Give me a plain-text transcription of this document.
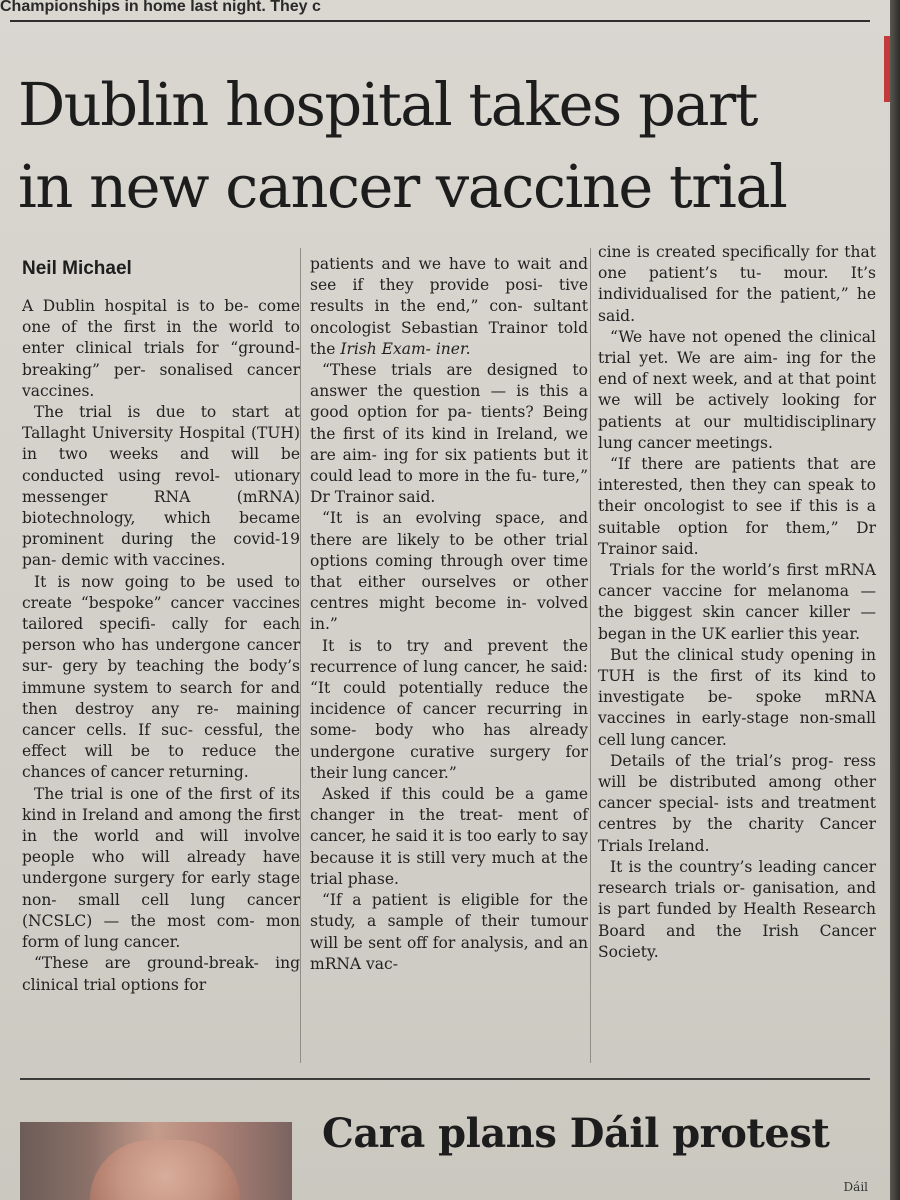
Championships in home last night. They c
Dublin hospital takes part
in new cancer vaccine trial
Neil Michael

A Dublin hospital is to be- come one of the first in the world to enter clinical trials for “ground-breaking” per- sonalised cancer vaccines.

The trial is due to start at Tallaght University Hospital (TUH) in two weeks and will be conducted using revol- utionary messenger RNA (mRNA) biotechnology, which became prominent during the covid-19 pan- demic with vaccines.

It is now going to be used to create “bespoke” cancer vaccines tailored specifi- cally for each person who has undergone cancer sur- gery by teaching the body’s immune system to search for and then destroy any re- maining cancer cells. If suc- cessful, the effect will be to reduce the chances of cancer returning.

The trial is one of the first of its kind in Ireland and among the first in the world and will involve people who will already have undergone surgery for early stage non- small cell lung cancer (NCSLC) — the most com- mon form of lung cancer.

“These are ground-break- ing clinical trial options for

patients and we have to wait and see if they provide posi- tive results in the end,” con- sultant oncologist Sebastian Trainor told the Irish Exam- iner.

“These trials are designed to answer the question — is this a good option for pa- tients? Being the first of its kind in Ireland, we are aim- ing for six patients but it could lead to more in the fu- ture,” Dr Trainor said.

“It is an evolving space, and there are likely to be other trial options coming through over time that either ourselves or other centres might become in- volved in.”

It is to try and prevent the recurrence of lung cancer, he said: “It could potentially reduce the incidence of cancer recurring in some- body who has already undergone curative surgery for their lung cancer.”

Asked if this could be a game changer in the treat- ment of cancer, he said it is too early to say because it is still very much at the trial phase.

“If a patient is eligible for the study, a sample of their tumour will be sent off for analysis, and an mRNA vac-

cine is created specifically for that one patient’s tu- mour. It’s individualised for the patient,” he said.

“We have not opened the clinical trial yet. We are aim- ing for the end of next week, and at that point we will be actively looking for patients at our multidisciplinary lung cancer meetings.

“If there are patients that are interested, then they can speak to their oncologist to see if this is a suitable option for them,” Dr Trainor said.

Trials for the world’s first mRNA cancer vaccine for melanoma — the biggest skin cancer killer — began in the UK earlier this year.

But the clinical study opening in TUH is the first of its kind to investigate be- spoke mRNA vaccines in early-stage non-small cell lung cancer.

Details of the trial’s prog- ress will be distributed among other cancer special- ists and treatment centres by the charity Cancer Trials Ireland.

It is the country’s leading cancer research trials or- ganisation, and is part funded by Health Research Board and the Irish Cancer Society.

Cara plans Dáil protest
Dáil
